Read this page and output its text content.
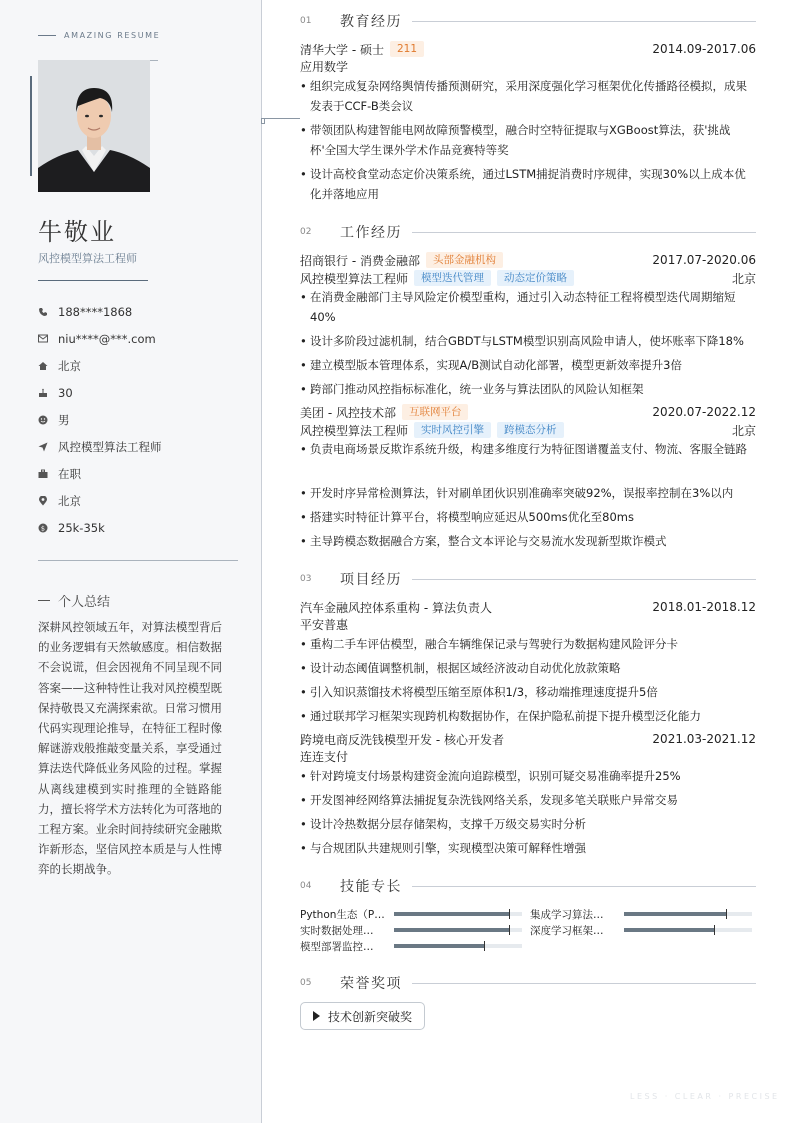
AMAZING RESUME
牛敬业
风控模型算法工程师
188****1868
niu****@***.com
北京
30
男
风控模型算法工程师
在职
北京
$ 25k-35k
个人总结

深耕风控领域五年，对算法模型背后的业务逻辑有天然敏感度。相信数据不会说谎，但会因视角不同呈现不同答案——这种特性让我对风控模型既保持敬畏又充满探索欲。日常习惯用代码实现理论推导，在特征工程时像解谜游戏般推敲变量关系，享受通过算法迭代降低业务风险的过程。掌握从离线建模到实时推理的全链路能力，擅长将学术方法转化为可落地的工程方案。业余时间持续研究金融欺诈新形态，坚信风控本质是与人性博弈的长期战争。

01	教育经历
清华大学 - 硕士	211	2014.09-2017.06
应用数学
• 组织完成复杂网络舆情传播预测研究，采用深度强化学习框架优化传播路径模拟，成果发表于CCF-B类会议
• 带领团队构建智能电网故障预警模型，融合时空特征提取与XGBoost算法，获'挑战杯'全国大学生课外学术作品竞赛特等奖
• 设计高校食堂动态定价决策系统，通过LSTM捕捉消费时序规律，实现30%以上成本优化并落地应用
02	工作经历
招商银行 - 消费金融部	头部金融机构	2017.07-2020.06
风控模型算法工程师	模型迭代管理	动态定价策略	北京
• 在消费金融部门主导风险定价模型重构，通过引入动态特征工程将模型迭代周期缩短40%
• 设计多阶段过滤机制，结合GBDT与LSTM模型识别高风险申请人，使坏账率下降18%
• 建立模型版本管理体系，实现A/B测试自动化部署，模型更新效率提升3倍
• 跨部门推动风控指标标准化，统一业务与算法团队的风险认知框架
美团 - 风控技术部	互联网平台	2020.07-2022.12
风控模型算法工程师	实时风控引擎	跨模态分析	北京
• 负责电商场景反欺诈系统升级，构建多维度行为特征图谱覆盖支付、物流、客服全链路
• 开发时序异常检测算法，针对刷单团伙识别准确率突破92%，误报率控制在3%以内
• 搭建实时特征计算平台，将模型响应延迟从500ms优化至80ms
• 主导跨模态数据融合方案，整合文本评论与交易流水发现新型欺诈模式
03	项目经历
汽车金融风控体系重构 - 算法负责人	2018.01-2018.12
平安普惠
• 重构二手车评估模型，融合车辆维保记录与驾驶行为数据构建风险评分卡
• 设计动态阈值调整机制，根据区域经济波动自动优化放款策略
• 引入知识蒸馏技术将模型压缩至原体积1/3，移动端推理速度提升5倍
• 通过联邦学习框架实现跨机构数据协作，在保护隐私前提下提升模型泛化能力
跨境电商反洗钱模型开发 - 核心开发者	2021.03-2021.12
连连支付
• 针对跨境支付场景构建资金流向追踪模型，识别可疑交易准确率提升25%
• 开发图神经网络算法捕捉复杂洗钱网络关系，发现多笔关联账户异常交易
• 设计冷热数据分层存储架构，支撑千万级交易实时分析
• 与合规团队共建规则引擎，实现模型决策可解释性增强
04	技能专长
Python生态（P…	集成学习算法…
实时数据处理…	深度学习框架…
模型部署监控…
05	荣誉奖项
技术创新突破奖
LESS · CLEAR · PRECISE
